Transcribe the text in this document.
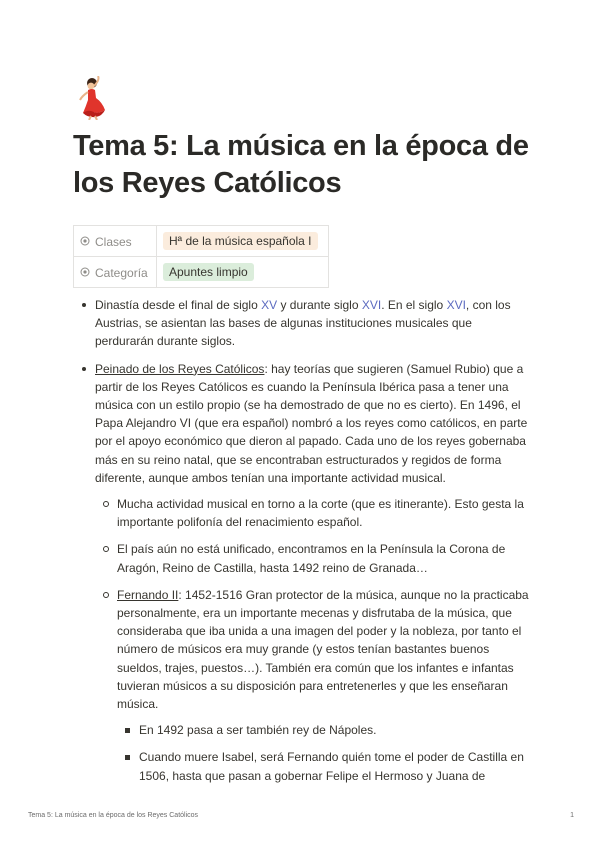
Tema 5: La música en la época de los Reyes Católicos
Clases	Hª de la música española I
Categoría	Apuntes limpio
Dinastía desde el final de siglo XV y durante siglo XVI. En el siglo XVI, con los Austrias, se asientan las bases de algunas instituciones musicales que perdurarán durante siglos.
Peinado de los Reyes Católicos: hay teorías que sugieren (Samuel Rubio) que a partir de los Reyes Católicos es cuando la Península Ibérica pasa a tener una música con un estilo propio (se ha demostrado de que no es cierto). En 1496, el Papa Alejandro VI (que era español) nombró a los reyes como católicos, en parte por el apoyo económico que dieron al papado. Cada uno de los reyes gobernaba más en su reino natal, que se encontraban estructurados y regidos de forma diferente, aunque ambos tenían una importante actividad musical.
Mucha actividad musical en torno a la corte (que es itinerante). Esto gesta la importante polifonía del renacimiento español.
El país aún no está unificado, encontramos en la Península la Corona de Aragón, Reino de Castilla, hasta 1492 reino de Granada…
Fernando II: 1452-1516 Gran protector de la música, aunque no la practicaba personalmente, era un importante mecenas y disfrutaba de la música, que consideraba que iba unida a una imagen del poder y la nobleza, por tanto el número de músicos era muy grande (y estos tenían bastantes buenos sueldos, trajes, puestos…). También era común que los infantes e infantas tuvieran músicos a su disposición para entretenerles y que les enseñaran música.
En 1492 pasa a ser también rey de Nápoles.
Cuando muere Isabel, será Fernando quién tome el poder de Castilla en 1506, hasta que pasan a gobernar Felipe el Hermoso y Juana de
Tema 5: La música en la época de los Reyes Católicos	1
